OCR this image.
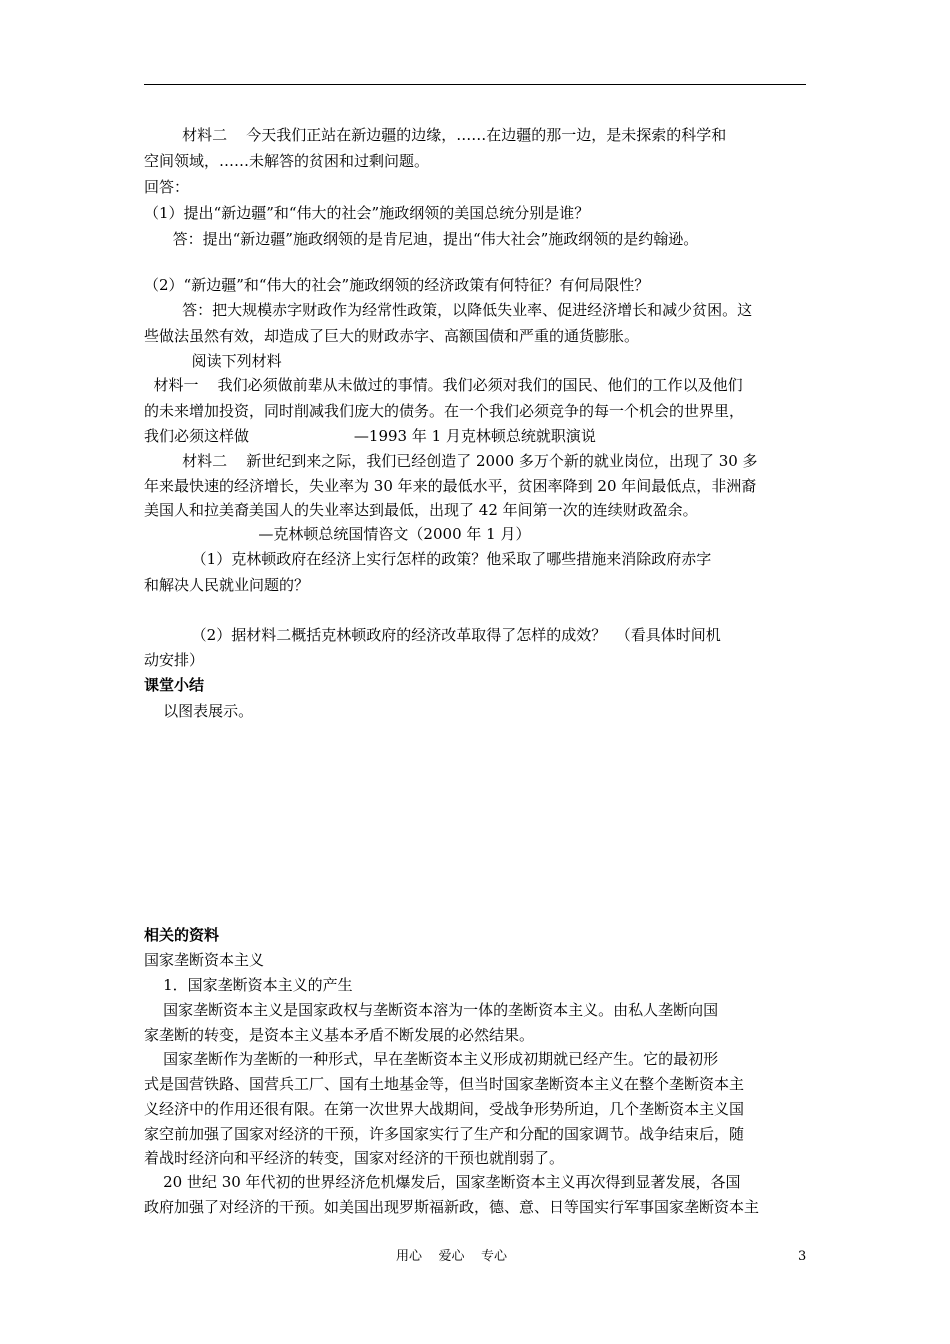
材料二    今天我们正站在新边疆的边缘，……在边疆的那一边，是未探索的科学和
空间领域，……未解答的贫困和过剩问题。
回答：
（1）提出“新边疆”和“伟大的社会”施政纲领的美国总统分别是谁？
答：提出“新边疆”施政纲领的是肯尼迪，提出“伟大社会”施政纲领的是约翰逊。
（2）“新边疆”和“伟大的社会”施政纲领的经济政策有何特征？有何局限性？
答：把大规模赤字财政作为经常性政策，以降低失业率、促进经济增长和减少贫困。这
些做法虽然有效，却造成了巨大的财政赤字、高额国债和严重的通货膨胀。
阅读下列材料
材料一    我们必须做前辈从未做过的事情。我们必须对我们的国民、他们的工作以及他们
的未来增加投资，同时削减我们庞大的债务。在一个我们必须竞争的每一个机会的世界里，
我们必须这样做                      —1993 年 1 月克林顿总统就职演说
材料二    新世纪到来之际，我们已经创造了 2000 多万个新的就业岗位，出现了 30 多
年来最快速的经济增长，失业率为 30 年来的最低水平，贫困率降到 20 年间最低点，非洲裔
美国人和拉美裔美国人的失业率达到最低，出现了 42 年间第一次的连续财政盈余。
—克林顿总统国情咨文（2000 年 1 月）
（1）克林顿政府在经济上实行怎样的政策？他采取了哪些措施来消除政府赤字
和解决人民就业问题的？
（2）据材料二概括克林顿政府的经济改革取得了怎样的成效？  （看具体时间机
动安排）
课堂小结
以图表展示。
相关的资料
国家垄断资本主义
1．国家垄断资本主义的产生
国家垄断资本主义是国家政权与垄断资本溶为一体的垄断资本主义。由私人垄断向国
家垄断的转变，是资本主义基本矛盾不断发展的必然结果。
国家垄断作为垄断的一种形式，早在垄断资本主义形成初期就已经产生。它的最初形
式是国营铁路、国营兵工厂、国有土地基金等，但当时国家垄断资本主义在整个垄断资本主
义经济中的作用还很有限。在第一次世界大战期间，受战争形势所迫，几个垄断资本主义国
家空前加强了国家对经济的干预，许多国家实行了生产和分配的国家调节。战争结束后，随
着战时经济向和平经济的转变，国家对经济的干预也就削弱了。
20 世纪 30 年代初的世界经济危机爆发后，国家垄断资本主义再次得到显著发展，各国
政府加强了对经济的干预。如美国出现罗斯福新政，德、意、日等国实行军事国家垄断资本主
用心    爱心    专心	3
